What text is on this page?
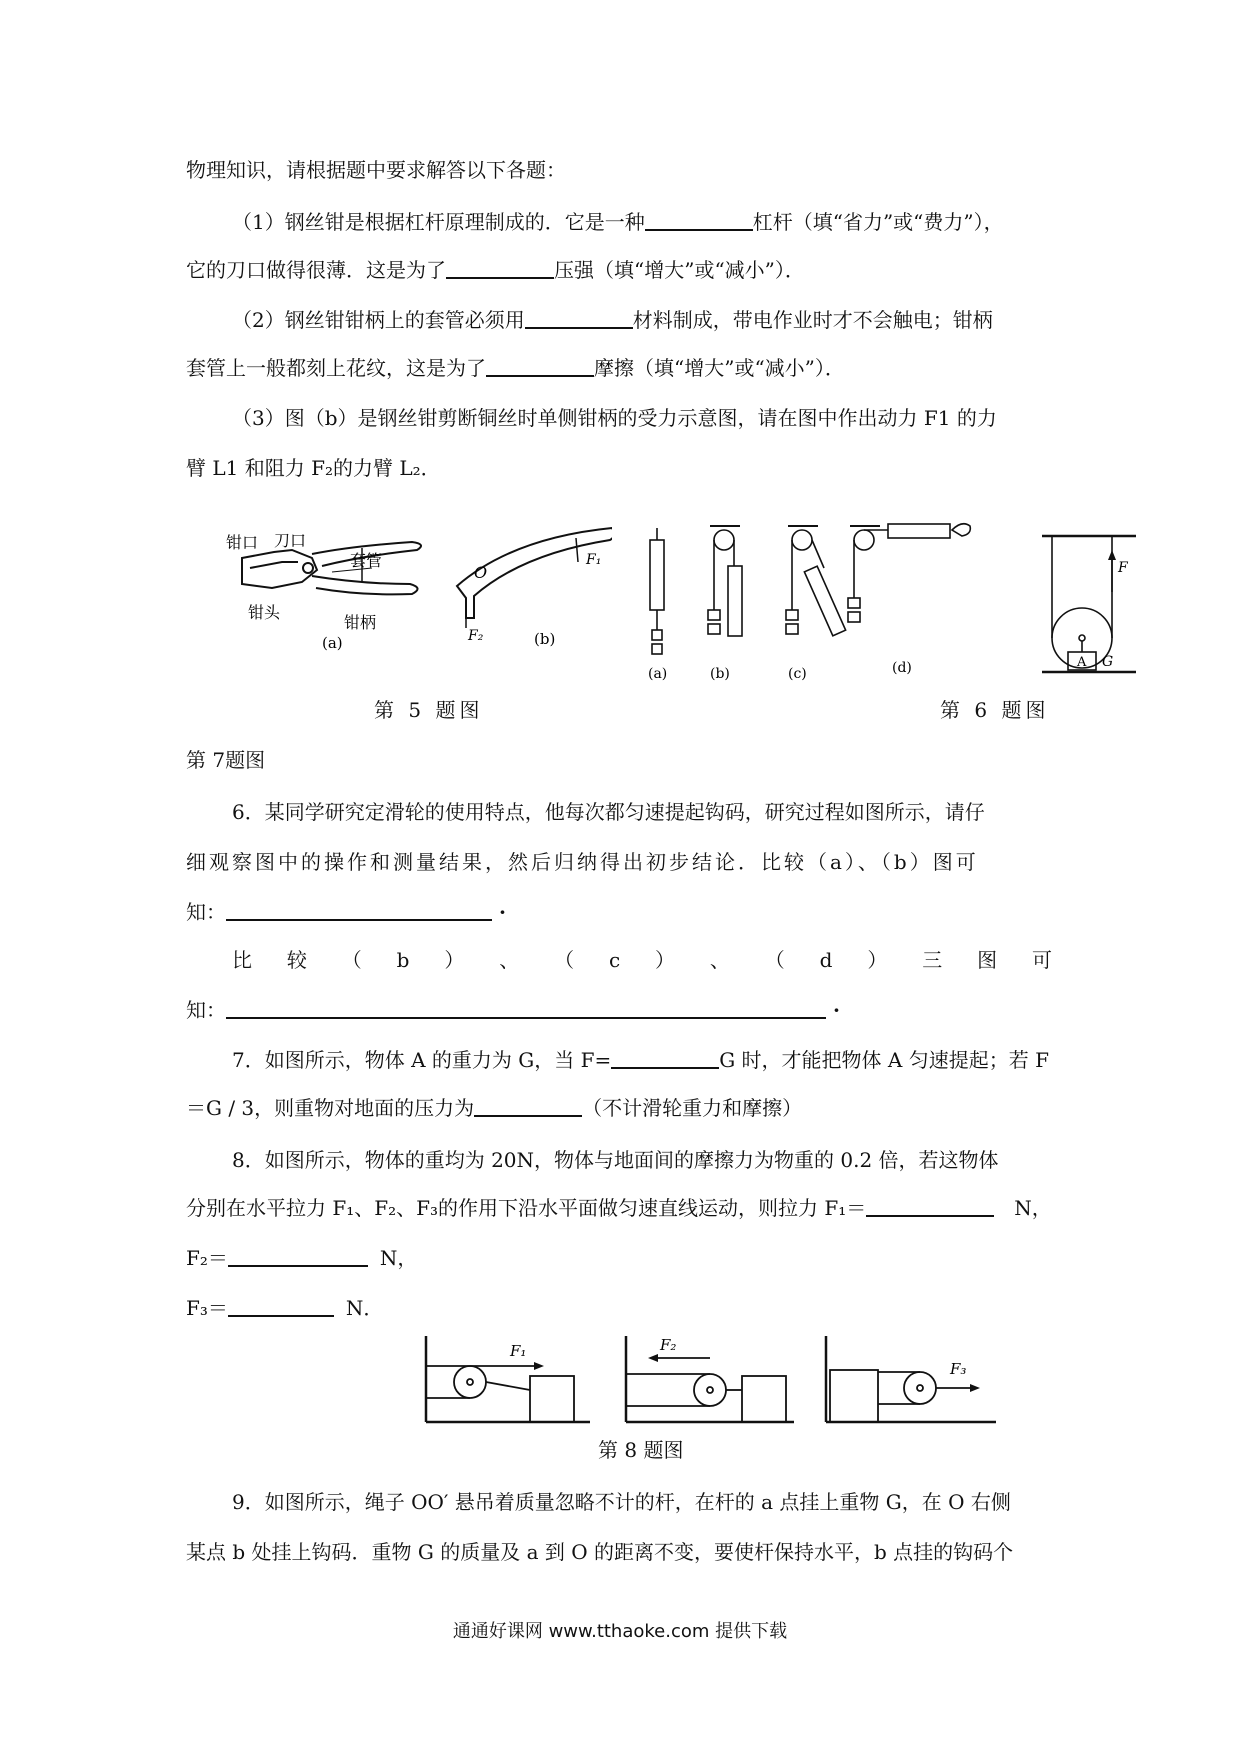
物理知识，请根据题中要求解答以下各题：
（1）钢丝钳是根据杠杆原理制成的．它是一种	杠杆（填“省力”或“费力”），
它的刀口做得很薄．这是为了	压强（填“增大”或“减小”）．
（2）钢丝钳钳柄上的套管必须用	材料制成，带电作业时才不会触电；钳柄
套管上一般都刻上花纹，这是为了	摩擦（填“增大”或“减小”）．
（3）图（b）是钢丝钳剪断铜丝时单侧钳柄的受力示意图，请在图中作出动力 F1 的力
臂 L1 和阻力 F₂的力臂 L₂．
钳口 刀口
套管
钳头
钳柄
(a)
O
F₁
F₂	(b)
(a)	(b)	(c)	(d)
F
A G
第 5 题图	第 6 题图
第 7题图
6．某同学研究定滑轮的使用特点，他每次都匀速提起钩码，研究过程如图所示，请仔
细观察图中的操作和测量结果，然后归纳得出初步结论．比较（a）、（b）图可
知：	·
比 较 （ b ） 、 （ c ） 、 （ d ） 三 图 可
知：	·
7．如图所示，物体 A 的重力为 G，当 F=	G 时，才能把物体 A 匀速提起；若 F
＝G / 3，则重物对地面的压力为	（不计滑轮重力和摩擦）
8．如图所示，物体的重均为 20N，物体与地面间的摩擦力为物重的 0.2 倍，若这物体
分别在水平拉力 F₁、F₂、F₃的作用下沿水平面做匀速直线运动，则拉力 F₁＝	N，
F₂＝	N，
F₃＝	N．
F₁	F₂
F₃
第 8 题图
9．如图所示，绳子 OO′ 悬吊着质量忽略不计的杆，在杆的 a 点挂上重物 G，在 O 右侧
某点 b 处挂上钩码．重物 G 的质量及 a 到 O 的距离不变，要使杆保持水平，b 点挂的钩码个
通通好课网 www.tthaoke.com 提供下载
